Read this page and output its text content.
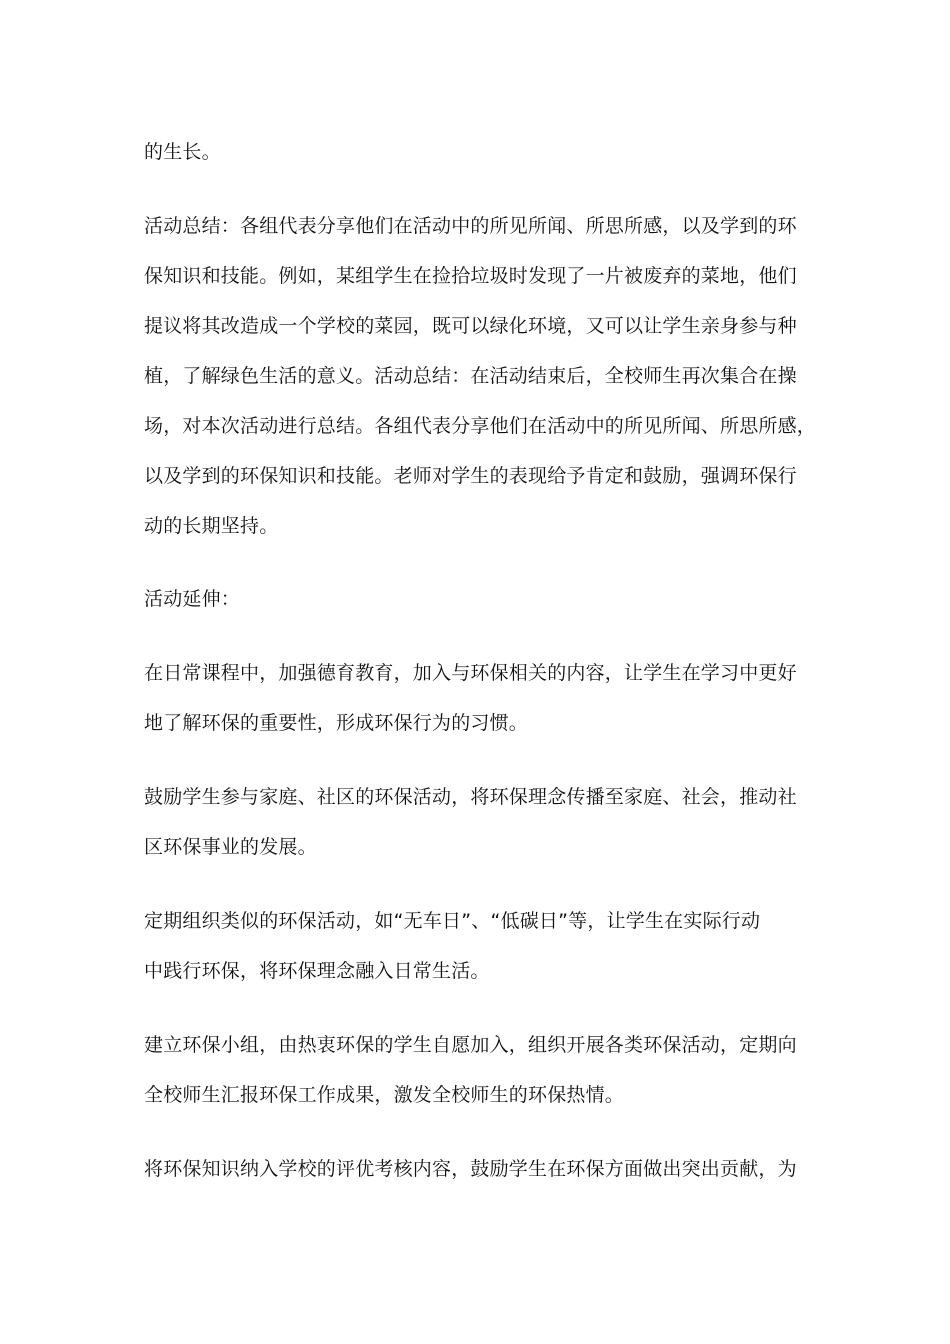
的生长。

活动总结：各组代表分享他们在活动中的所见所闻、所思所感，以及学到的环
保知识和技能。例如，某组学生在捡拾垃圾时发现了一片被废弃的菜地，他们
提议将其改造成一个学校的菜园，既可以绿化环境，又可以让学生亲身参与种
植，了解绿色生活的意义。活动总结：在活动结束后，全校师生再次集合在操
场，对本次活动进行总结。各组代表分享他们在活动中的所见所闻、所思所感，
以及学到的环保知识和技能。老师对学生的表现给予肯定和鼓励，强调环保行
动的长期坚持。

活动延伸：

在日常课程中，加强德育教育，加入与环保相关的内容，让学生在学习中更好
地了解环保的重要性，形成环保行为的习惯。

鼓励学生参与家庭、社区的环保活动，将环保理念传播至家庭、社会，推动社
区环保事业的发展。

定期组织类似的环保活动，如“无车日”、“低碳日”等，让学生在实际行动
中践行环保，将环保理念融入日常生活。

建立环保小组，由热衷环保的学生自愿加入，组织开展各类环保活动，定期向
全校师生汇报环保工作成果，激发全校师生的环保热情。

将环保知识纳入学校的评优考核内容，鼓励学生在环保方面做出突出贡献，为
